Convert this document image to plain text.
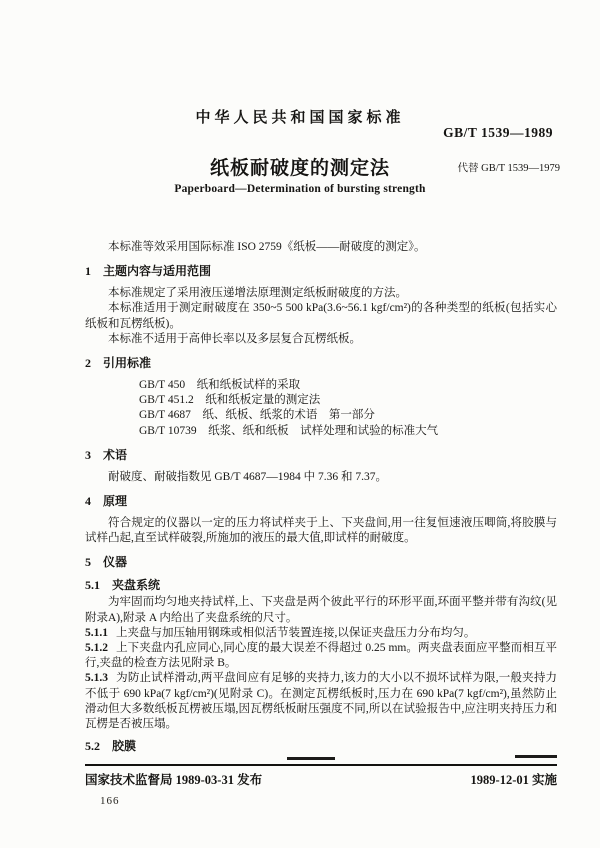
中华人民共和国国家标准
GB/T 1539—1989
纸板耐破度的测定法	代替 GB/T 1539—1979
Paperboard—Determination of bursting strength

本标准等效采用国际标准 ISO 2759《纸板——耐破度的测定》。

1　主题内容与适用范围

本标准规定了采用液压递增法原理测定纸板耐破度的方法。

本标准适用于测定耐破度在 350~5 500 kPa(3.6~56.1 kgf/cm²)的各种类型的纸板(包括实心纸板和瓦楞纸板)。

本标准不适用于高伸长率以及多层复合瓦楞纸板。

2　引用标准

GB/T 450　纸和纸板试样的采取

GB/T 451.2　纸和纸板定量的测定法

GB/T 4687　纸、纸板、纸浆的术语　第一部分

GB/T 10739　纸浆、纸和纸板　试样处理和试验的标准大气

3　术语

耐破度、耐破指数见 GB/T 4687—1984 中 7.36 和 7.37。

4　原理

符合规定的仪器以一定的压力将试样夹于上、下夹盘间,用一往复恒速液压唧筒,将胶膜与试样凸起,直至试样破裂,所施加的液压的最大值,即试样的耐破度。

5　仪器

5.1　夹盘系统

为牢固而均匀地夹持试样,上、下夹盘是两个彼此平行的环形平面,环面平整并带有沟纹(见附录A),附录 A 内给出了夹盘系统的尺寸。

5.1.1 上夹盘与加压轴用钢珠或相似活节装置连接,以保证夹盘压力分布均匀。

5.1.2 上下夹盘内孔应同心,同心度的最大误差不得超过 0.25 mm。两夹盘表面应平整而相互平行,夹盘的检查方法见附录 B。

5.1.3 为防止试样滑动,两平盘间应有足够的夹持力,该力的大小以不损坏试样为限,一般夹持力不低于 690 kPa(7 kgf/cm²)(见附录 C)。在测定瓦楞纸板时,压力在 690 kPa(7 kgf/cm²),虽然防止滑动但大多数纸板瓦楞被压塌,因瓦楞纸板耐压强度不同,所以在试验报告中,应注明夹持压力和瓦楞是否被压塌。

5.2　胶膜

国家技术监督局 1989-03-31 发布	1989-12-01 实施
166
